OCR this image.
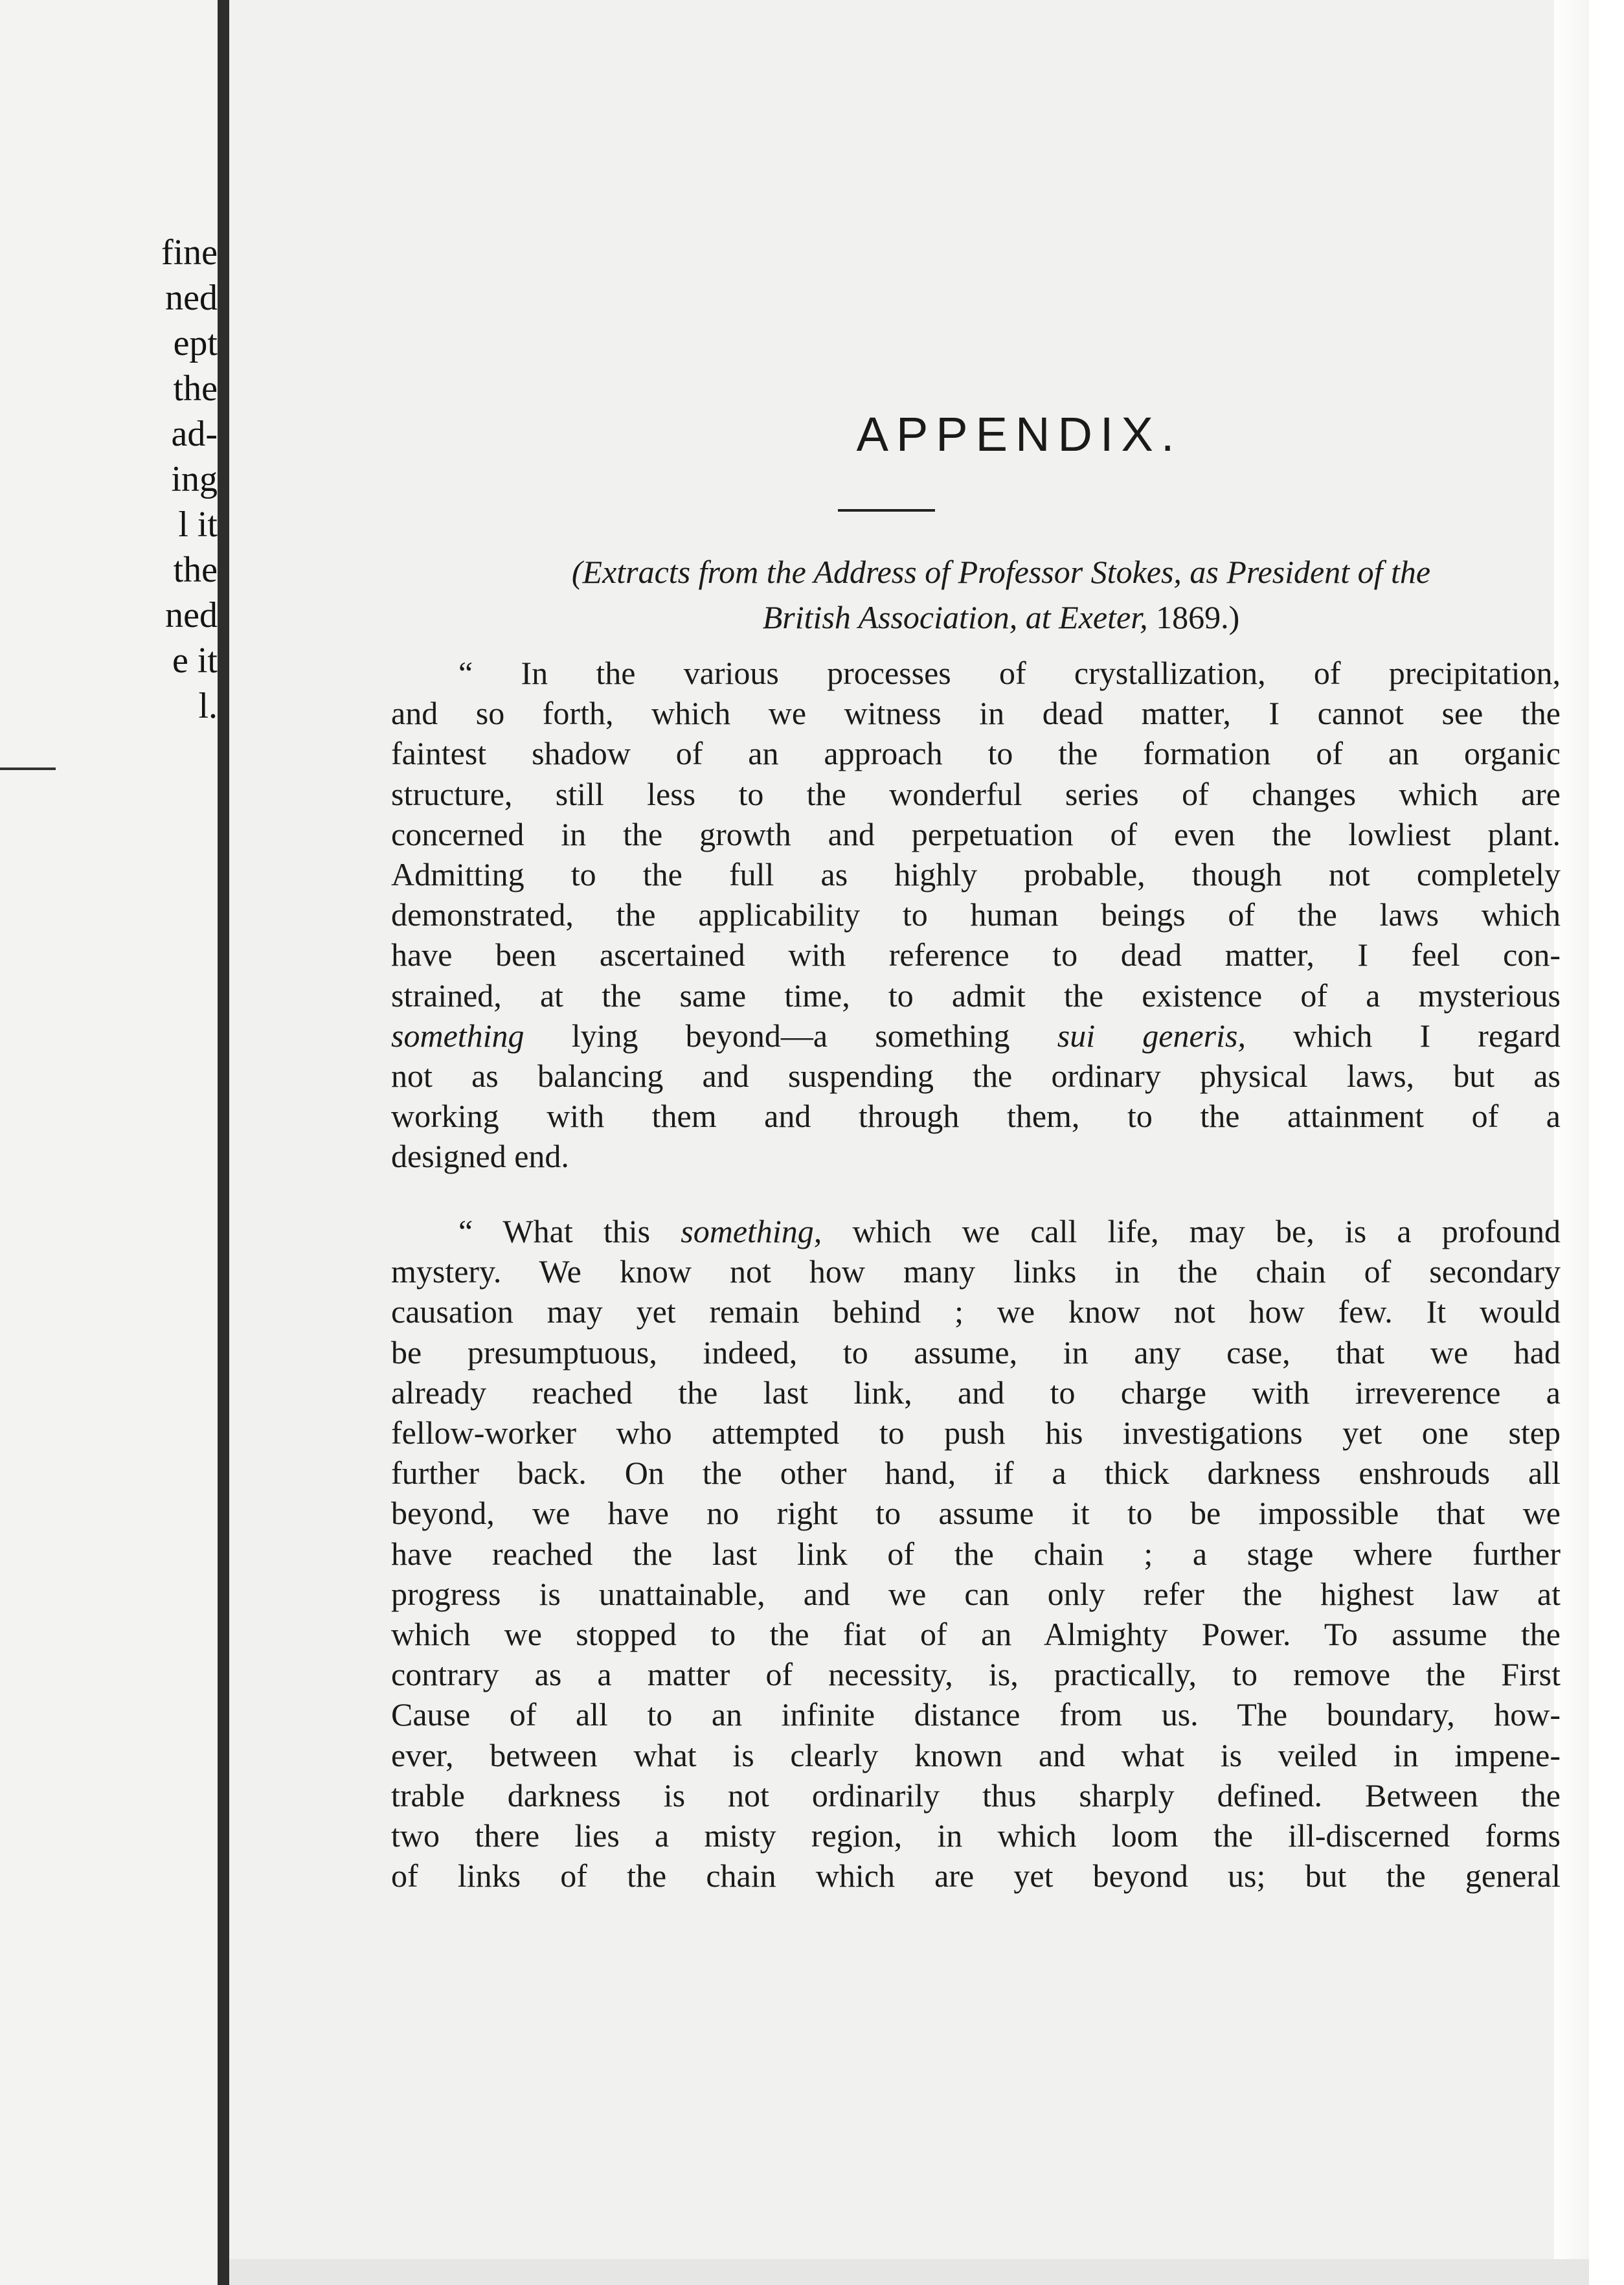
fine
ned
ept
the
ad-
ing
l it
the
ned
e it
l.
APPENDIX.
(Extracts from the Address of Professor Stokes, as President of the
British Association, at Exeter, 1869.)
“ In the various processes of crystallization, of precipitation,
and so forth, which we witness in dead matter, I cannot see the
faintest shadow of an approach to the formation of an organic
structure, still less to the wonderful series of changes which are
concerned in the growth and perpetuation of even the lowliest plant.
Admitting to the full as highly probable, though not completely
demonstrated, the applicability to human beings of the laws which
have been ascertained with reference to dead matter, I feel con-
strained, at the same time, to admit the existence of a mysterious
something lying beyond—a something sui generis, which I regard
not as balancing and suspending the ordinary physical laws, but as
working with them and through them, to the attainment of a
designed end.
“ What this something, which we call life, may be, is a profound
mystery. We know not how many links in the chain of secondary
causation may yet remain behind ; we know not how few. It would
be presumptuous, indeed, to assume, in any case, that we had
already reached the last link, and to charge with irreverence a
fellow-worker who attempted to push his investigations yet one step
further back. On the other hand, if a thick darkness enshrouds all
beyond, we have no right to assume it to be impossible that we
have reached the last link of the chain ; a stage where further
progress is unattainable, and we can only refer the highest law at
which we stopped to the fiat of an Almighty Power. To assume the
contrary as a matter of necessity, is, practically, to remove the First
Cause of all to an infinite distance from us. The boundary, how-
ever, between what is clearly known and what is veiled in impene-
trable darkness is not ordinarily thus sharply defined. Between the
two there lies a misty region, in which loom the ill-discerned forms
of links of the chain which are yet beyond us; but the general
